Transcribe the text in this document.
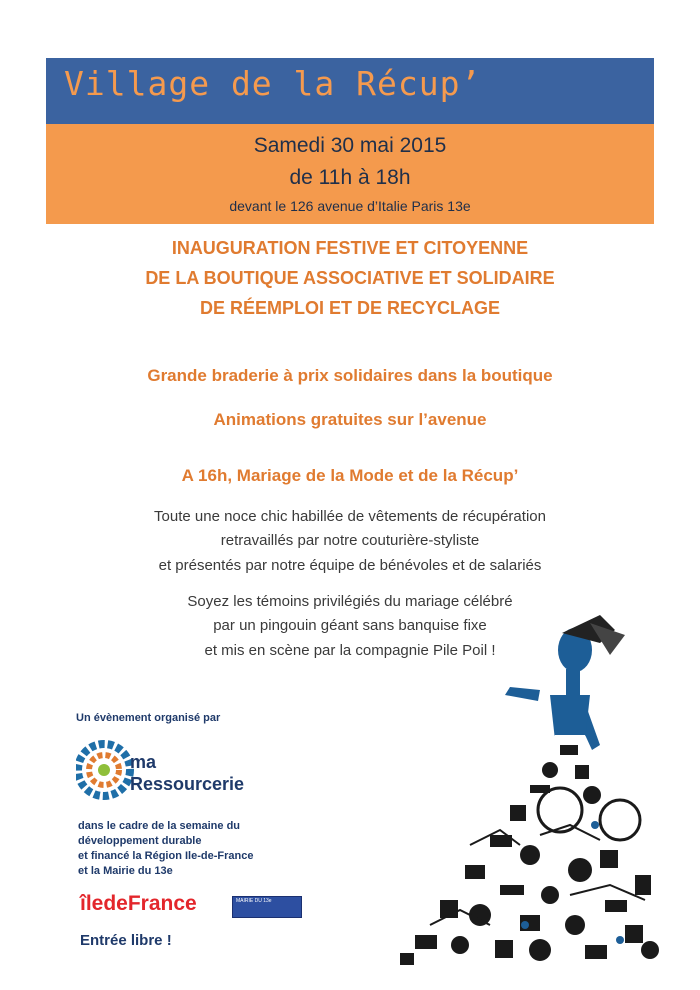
Village de la Récup’
Samedi 30 mai 2015
de 11h à 18h
devant le 126 avenue d’Italie Paris 13e
INAUGURATION FESTIVE ET CITOYENNE
DE LA BOUTIQUE ASSOCIATIVE ET SOLIDAIRE
DE RÉEMPLOI ET DE RECYCLAGE
Grande braderie à prix solidaires dans la boutique
Animations gratuites sur l’avenue
A 16h, Mariage de la Mode et de la Récup’
Toute une noce chic habillée de vêtements de récupération
retravaillés par notre couturière-styliste
et présentés par notre équipe de bénévoles et de salariés
Soyez les témoins privilégiés du mariage célébré
par un pingouin géant sans banquise fixe
et mis en scène par la compagnie Pile Poil !
Un évènement organisé par
ma
Ressourcerie
dans le cadre de la semaine du
développement durable
et financé la Région Ile-de-France
et la Mairie du 13e
îledeFrance	MAIRIE DU 13e
Entrée libre !
